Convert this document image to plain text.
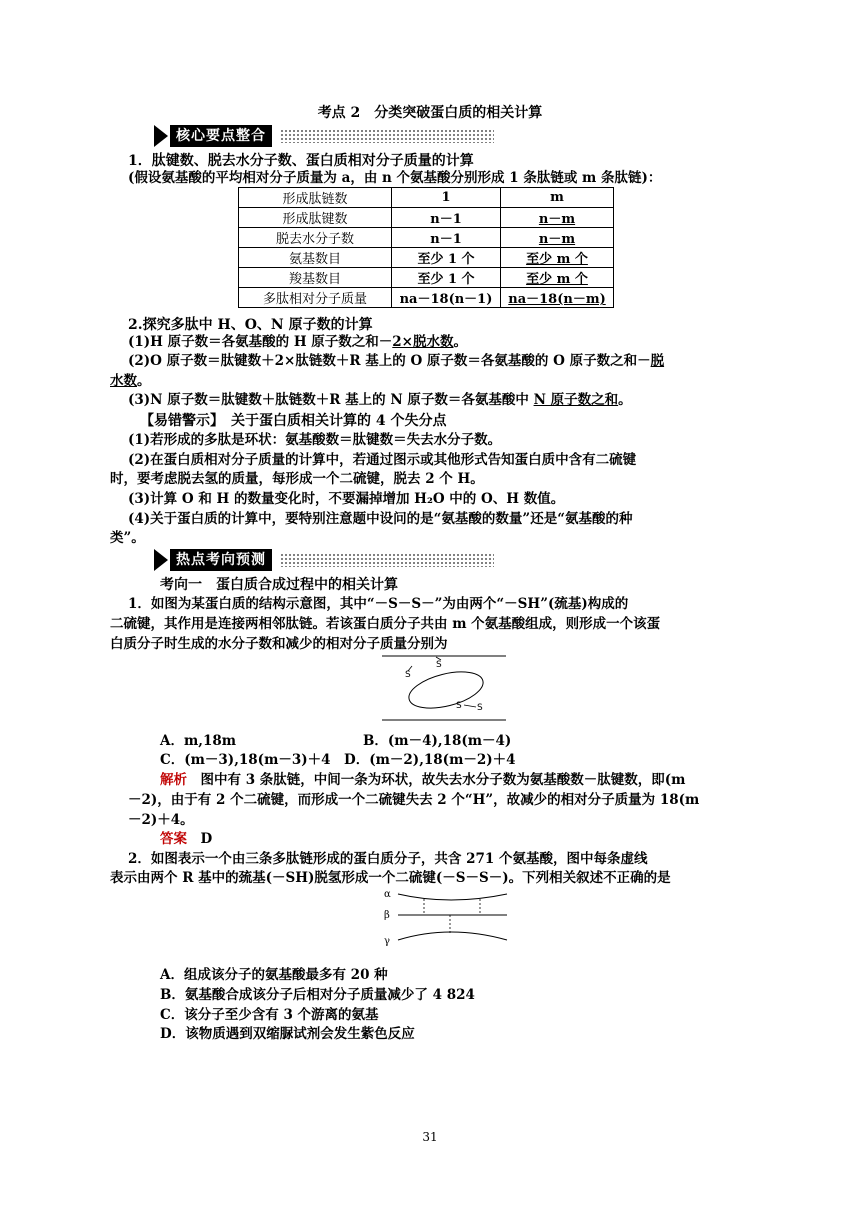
考点 2　分类突破蛋白质的相关计算
核心要点整合
1．肽键数、脱去水分子数、蛋白质相对分子质量的计算
(假设氨基酸的平均相对分子质量为 a，由 n 个氨基酸分别形成 1 条肽链或 m 条肽链)：
形成肽链数	1	m
形成肽键数	n－1	n－m
脱去水分子数	n－1	n－m
氨基数目	至少 1 个	至少 m 个
羧基数目	至少 1 个	至少 m 个
多肽相对分子质量	na－18(n－1)	na－18(n－m)
2.探究多肽中 H、O、N 原子数的计算
(1)H 原子数＝各氨基酸的 H 原子数之和－2×脱水数。
(2)O 原子数＝肽键数＋2×肽链数＋R 基上的 O 原子数＝各氨基酸的 O 原子数之和－脱
水数。
(3)N 原子数＝肽键数＋肽链数＋R 基上的 N 原子数＝各氨基酸中 N 原子数之和。
【易错警示】　关于蛋白质相关计算的 4 个失分点
(1)若形成的多肽是环状：氨基酸数＝肽键数＝失去水分子数。
(2)在蛋白质相对分子质量的计算中，若通过图示或其他形式告知蛋白质中含有二硫键
时，要考虑脱去氢的质量，每形成一个二硫键，脱去 2 个 H。
(3)计算 O 和 H 的数量变化时，不要漏掉增加 H₂O 中的 O、H 数值。
(4)关于蛋白质的计算中，要特别注意题中设问的是“氨基酸的数量”还是“氨基酸的种
类”。
热点考向预测
考向一　蛋白质合成过程中的相关计算
1．如图为某蛋白质的结构示意图，其中“－S－S－”为由两个“－SH”(巯基)构成的
二硫键，其作用是连接两相邻肽链。若该蛋白质分子共由 m 个氨基酸组成，则形成一个该蛋
白质分子时生成的水分子数和减少的相对分子质量分别为
S
S
S S
A．m,18m	B．(m－4),18(m－4)
C．(m－3),18(m－3)＋4　D．(m－2),18(m－2)＋4
解析　图中有 3 条肽链，中间一条为环状，故失去水分子数为氨基酸数－肽键数，即(m
－2)，由于有 2 个二硫键，而形成一个二硫键失去 2 个“H”，故减少的相对分子质量为 18(m
－2)＋4。
答案　D
2．如图表示一个由三条多肽链形成的蛋白质分子，共含 271 个氨基酸，图中每条虚线
表示由两个 R 基中的巯基(－SH)脱氢形成一个二硫键(－S－S－)。下列相关叙述不正确的是
α
β
γ
A．组成该分子的氨基酸最多有 20 种
B．氨基酸合成该分子后相对分子质量减少了 4 824
C．该分子至少含有 3 个游离的氨基
D．该物质遇到双缩脲试剂会发生紫色反应
31
